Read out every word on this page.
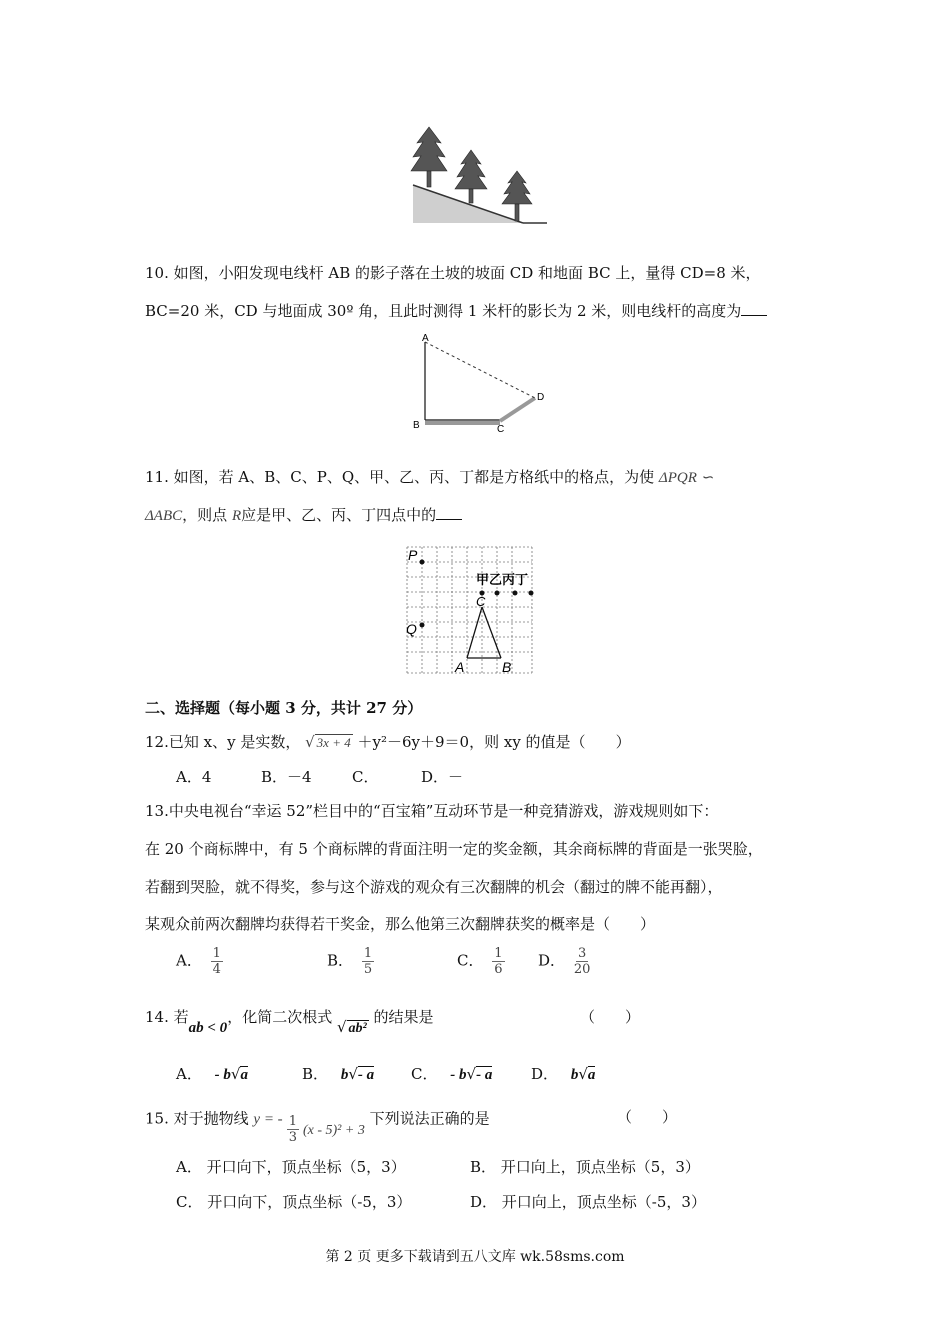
10. 如图，小阳发现电线杆 AB 的影子落在土坡的坡面 CD 和地面 BC 上，量得 CD=8 米，
BC=20 米，CD 与地面成 30º 角，且此时测得 1 米杆的影长为 2 米，则电线杆的高度为
A
B	C
D
11. 如图，若 A、B、C、P、Q、甲、乙、丙、丁都是方格纸中的格点，为使 ΔPQR ∽
ΔABC，则点 R应是甲、乙、丙、丁四点中的
P
Q
C
A	B
甲乙丙丁
二、选择题（每小题 3 分，共计 27 分）
12.已知 x、y 是实数， √ 3x + 4 ＋y²－6y＋9＝0，则 xy 的值是（　　）
A．4	B．－4	C．	D．－
13.中央电视台“幸运 52”栏目中的“百宝箱”互动环节是一种竞猜游戏，游戏规则如下：
在 20 个商标牌中，有 5 个商标牌的背面注明一定的奖金额，其余商标牌的背面是一张哭脸，
若翻到哭脸，就不得奖，参与这个游戏的观众有三次翻牌的机会（翻过的牌不能再翻），
某观众前两次翻牌均获得若干奖金，那么他第三次翻牌获奖的概率是（　　）
A． $\frac{1}{4}$	B． $\frac{1}{5}$	C． $\frac{1}{6}$ D． $\frac{3}{20}$
14. 若ab < 0，化简二次根式 √ ab² 的结果是	（　　）
A． - b√a	B． b√- a C． - b√- a	D． b√a
15. 对于抛物线 y = - $\frac{1}{3} (x - 5)^2 + 3$ 下列说法正确的是	（　　）
A． 开口向下，顶点坐标（5，3）	B． 开口向上，顶点坐标（5，3）
C． 开口向下，顶点坐标（-5，3）	D． 开口向上，顶点坐标（-5，3）
第 2 页 更多下载请到五八文库 wk.58sms.com
